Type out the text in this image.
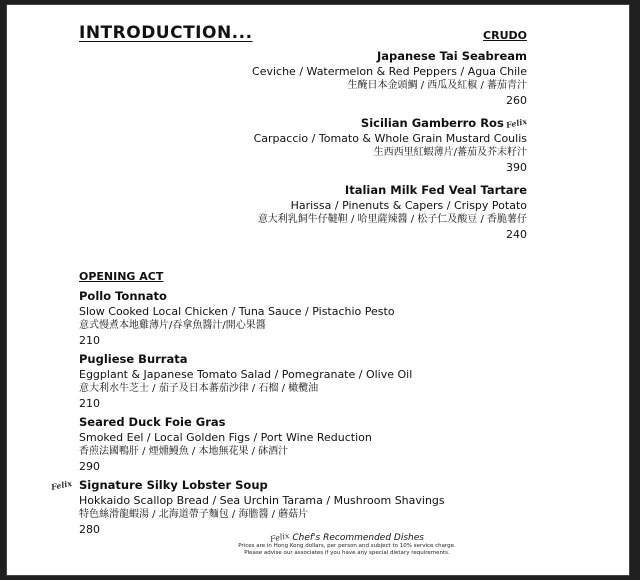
INTRODUCTION...	CRUDO
Japanese Tai Seabream
Ceviche / Watermelon & Red Peppers / Agua Chile
生醃日本金頭鯛 / 西瓜及紅椒 / 蕃茄青汁
260
Sicilian Gamberro RosFelix
Carpaccio / Tomato & Whole Grain Mustard Coulis
生西西里紅蝦薄片/蕃茄及芥末籽汁
390
Italian Milk Fed Veal Tartare
Harissa / Pinenuts & Capers / Crispy Potato
意大利乳飼牛仔韃靼 / 哈里薩辣醬 / 松子仁及酸豆 / 香脆薯仔
240
OPENING ACT
Pollo Tonnato
Slow Cooked Local Chicken / Tuna Sauce / Pistachio Pesto
意式慢煮本地雞薄片/吞拿魚醬汁/開心果醬
210
Pugliese Burrata
Eggplant & Japanese Tomato Salad / Pomegranate / Olive Oil
意大利水牛芝士 / 茄子及日本蕃茄沙律 / 石榴 / 橄欖油
210
Seared Duck Foie Gras
Smoked Eel / Local Golden Figs / Port Wine Reduction
香煎法國鴨肝 / 煙燻鰻魚 / 本地無花果 / 砵酒汁
290
Felix Signature Silky Lobster Soup
Hokkaido Scallop Bread / Sea Urchin Tarama / Mushroom Shavings
特色絲滑龍蝦湯 / 北海道帶子麵包 / 海膽醬 / 蘑菇片
280
Felix Chef's Recommended Dishes
Prices are in Hong Kong dollars, per person and subject to 10% service charge.
Please advise our associates if you have any special dietary requirements.
